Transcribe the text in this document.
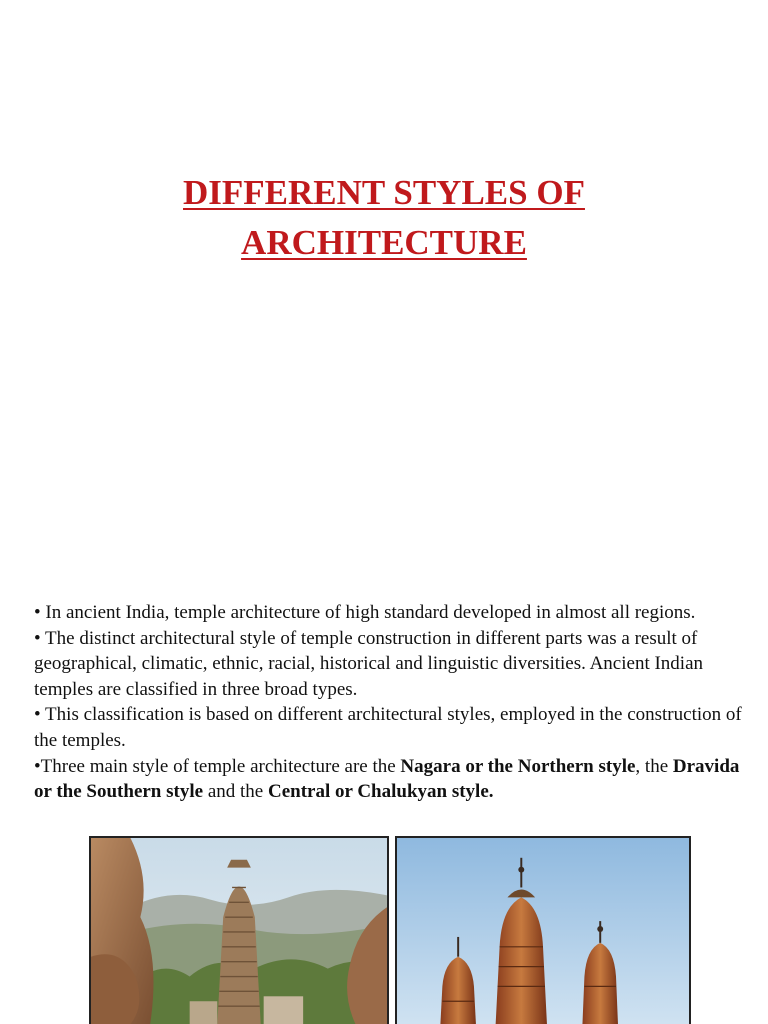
DIFFERENT STYLES OF
ARCHITECTURE

• In ancient India, temple architecture of high standard developed in almost all regions.

• The distinct architectural style of temple construction in different parts was a result of geographical, climatic, ethnic, racial, historical and linguistic diversities. Ancient Indian temples are classified in three broad types.

• This classification is based on different architectural styles, employed in the construction of the temples.

•Three main style of temple architecture are the Nagara or the Northern style, the Dravida or the Southern style and the Central or Chalukyan style.
